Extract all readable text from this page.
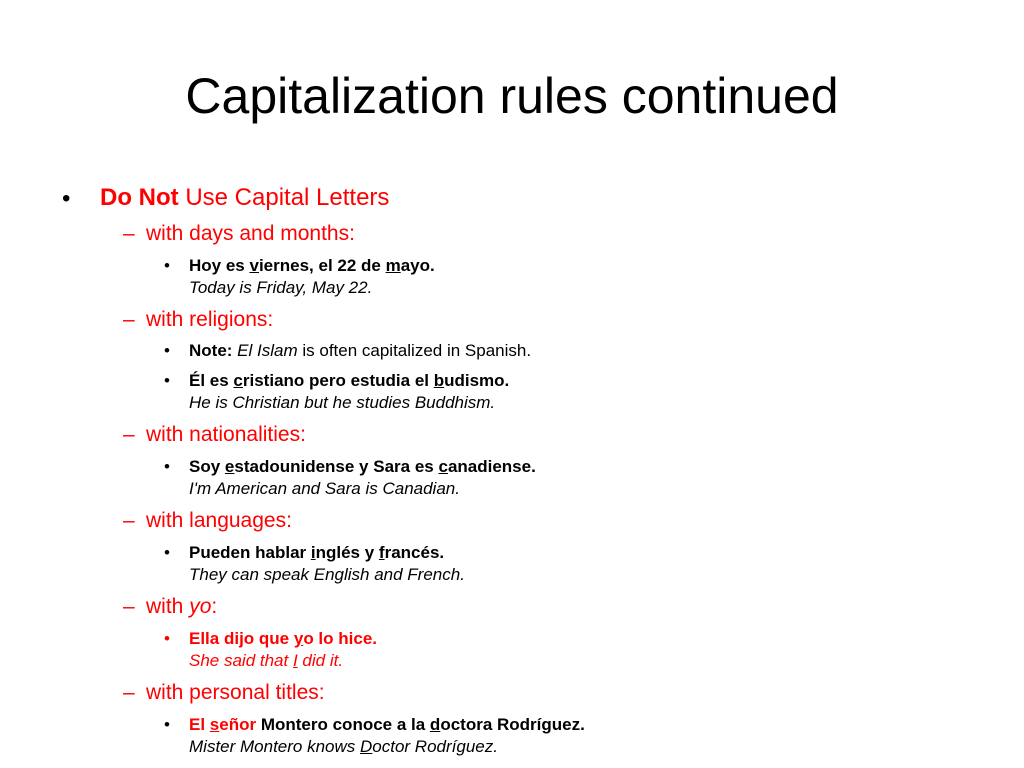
Capitalization rules continued
• Do Not Use Capital Letters
– with days and months:
• Hoy es viernes, el 22 de mayo.
Today is Friday, May 22.
– with religions:
• Note: El Islam is often capitalized in Spanish.
• Él es cristiano pero estudia el budismo.
He is Christian but he studies Buddhism.
– with nationalities:
• Soy estadounidense y Sara es canadiense.
I'm American and Sara is Canadian.
– with languages:
• Pueden hablar inglés y francés.
They can speak English and French.
– with yo:
• Ella dijo que yo lo hice.
She said that I did it.
– with personal titles:
• El señor Montero conoce a la doctora Rodríguez.
Mister Montero knows Doctor Rodríguez.
